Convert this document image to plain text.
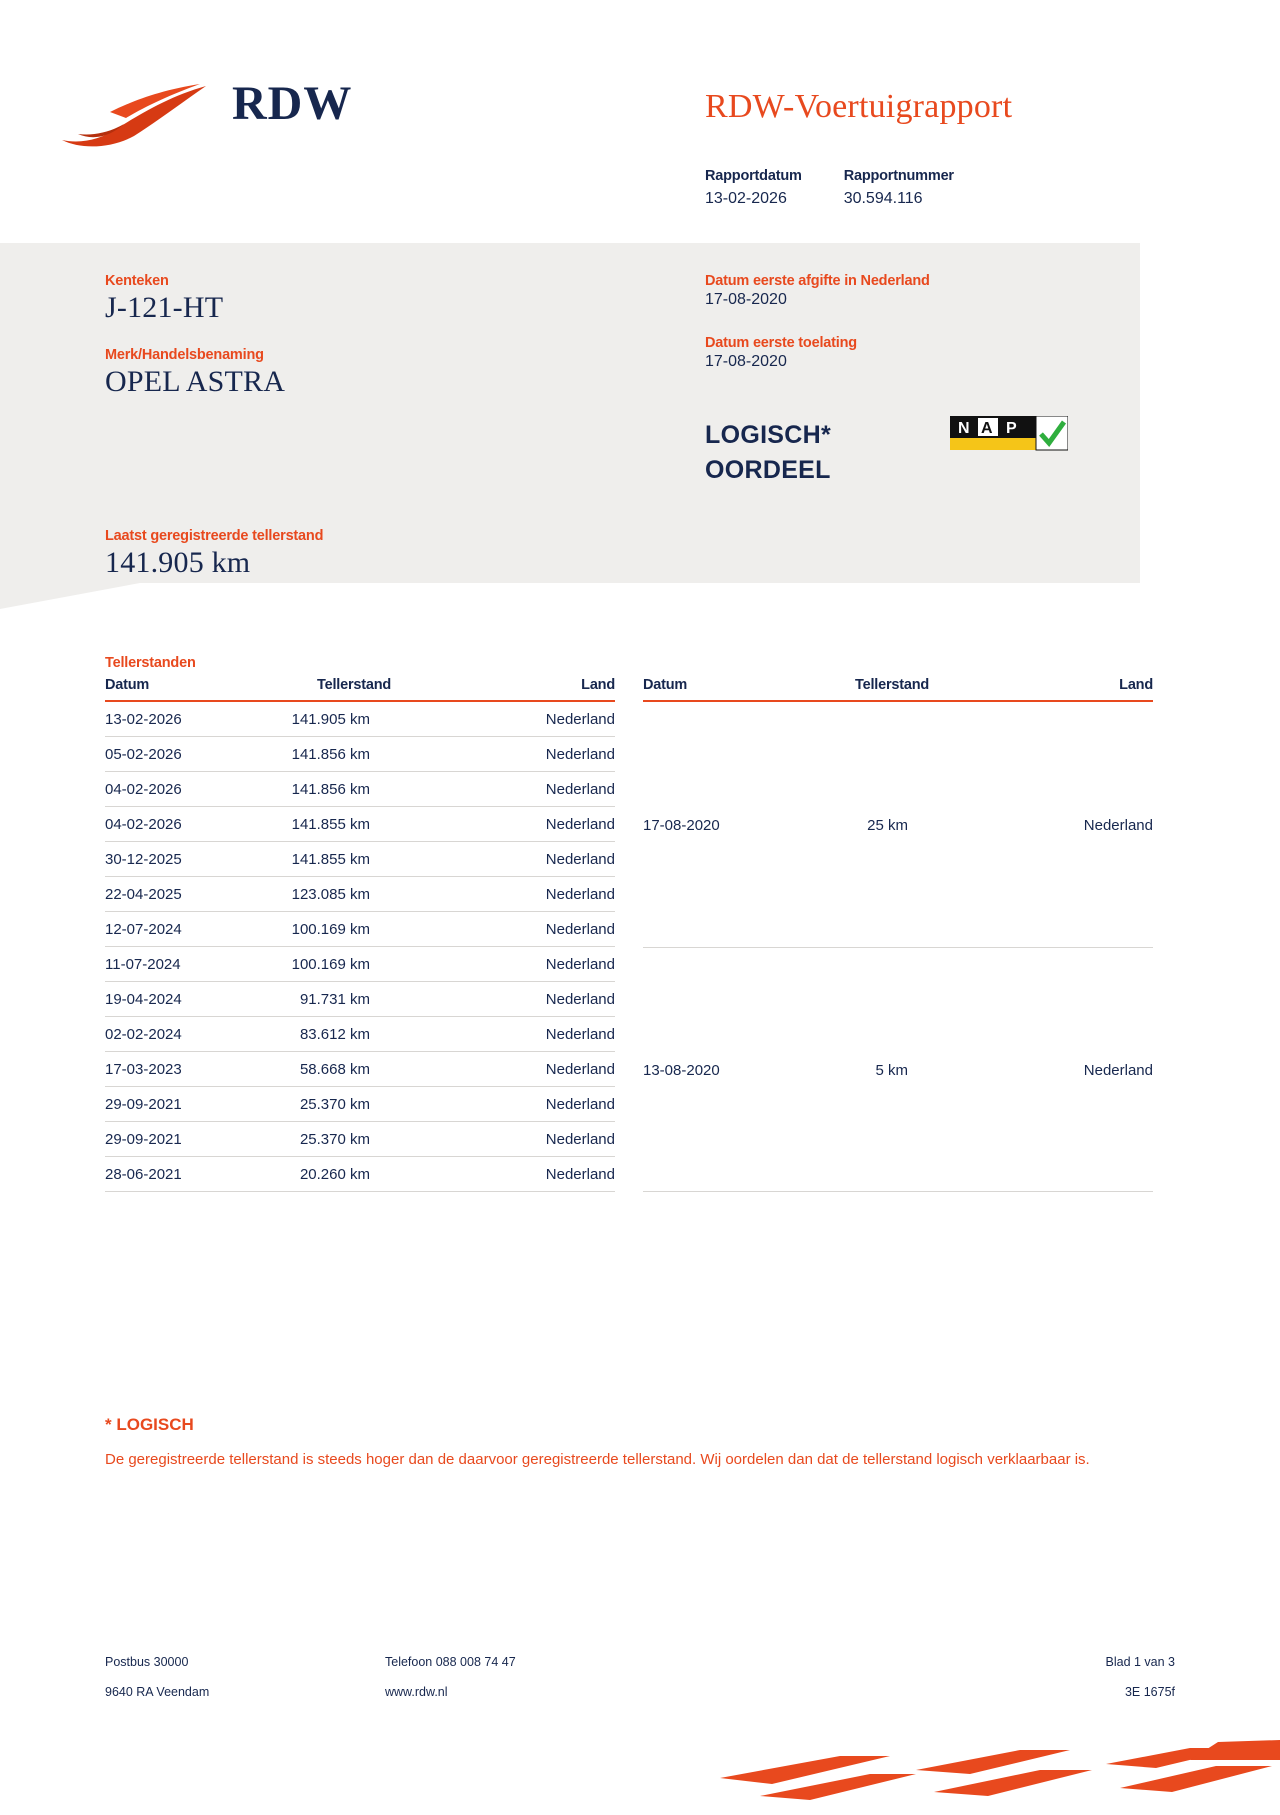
RDW	RDW-Voertuigrapport
Rapportdatum
13-02-2026
Rapportnummer
30.594.116
Kenteken
J-121-HT
Merk/Handelsbenaming
OPEL ASTRA
Laatst geregistreerde tellerstand
141.905 km
Datum eerste afgifte in Nederland
17-08-2020
Datum eerste toelating
17-08-2020
LOGISCH*
OORDEEL
N A P
Tellerstanden
Datum	Tellerstand	Land
13-02-2026	141.905 km	Nederland
05-02-2026	141.856 km	Nederland
04-02-2026	141.856 km	Nederland
04-02-2026	141.855 km	Nederland
30-12-2025	141.855 km	Nederland
22-04-2025	123.085 km	Nederland
12-07-2024	100.169 km	Nederland
11-07-2024	100.169 km	Nederland
19-04-2024	91.731 km	Nederland
02-02-2024	83.612 km	Nederland
17-03-2023	58.668 km	Nederland
29-09-2021	25.370 km	Nederland
29-09-2021	25.370 km	Nederland
28-06-2021	20.260 km	Nederland
Datum	Tellerstand	Land
17-08-2020	25 km	Nederland
13-08-2020	5 km	Nederland
* LOGISCH
De geregistreerde tellerstand is steeds hoger dan de daarvoor geregistreerde tellerstand. Wij oordelen dan dat de tellerstand logisch verklaarbaar is.
Postbus 30000	Telefoon 088 008 74 47	Blad 1 van 3
9640 RA Veendam	www.rdw.nl	3E 1675f
